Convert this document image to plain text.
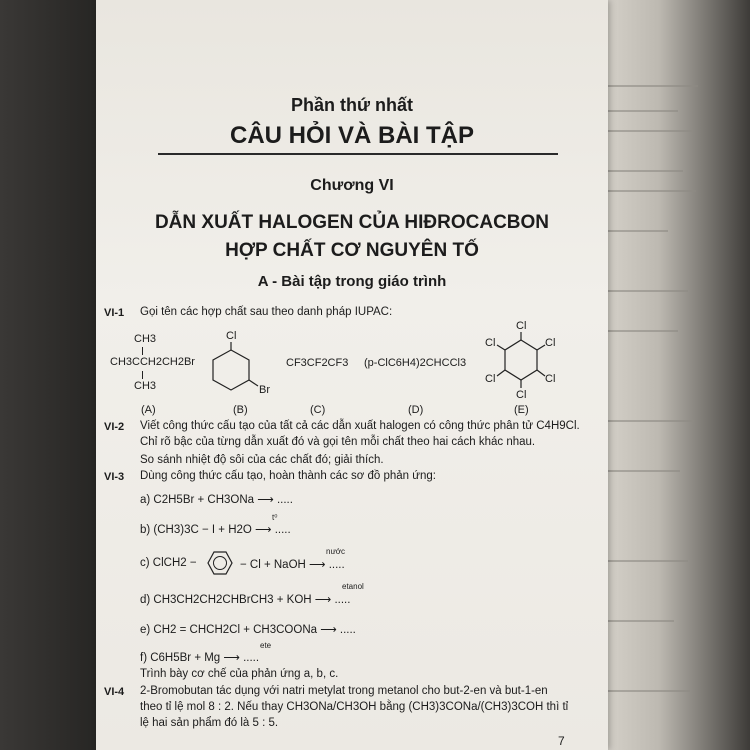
Phần thứ nhất
CÂU HỎI VÀ BÀI TẬP
Chương VI
DẪN XUẤT HALOGEN CỦA HIĐROCACBON
HỢP CHẤT CƠ NGUYÊN TỐ
A - Bài tập trong giáo trình
VI-1 Gọi tên các hợp chất sau theo danh pháp IUPAC:
CH3
CH3CCH2CH2Br
CH3
Cl
Br
CF3CF2CF3 (p-ClC6H4)2CHCCl3
Cl
Cl
Cl
Cl
Cl
Cl
(A)	(B)	(C)	(D)	(E)
VI-2 Viết công thức cấu tạo của tất cả các dẫn xuất halogen có công thức phân tử C4H9Cl.
Chỉ rõ bậc của từng dẫn xuất đó và gọi tên mỗi chất theo hai cách khác nhau.
So sánh nhiệt độ sôi của các chất đó; giải thích.
VI-3 Dùng công thức cấu tạo, hoàn thành các sơ đồ phản ứng:
a) C2H5Br + CH3ONa ⟶ .....
t⁰
b) (CH3)3C − I + H2O ⟶ .....
c) ClCH2 −
nước
− Cl + NaOH ⟶ .....
etanol
d) CH3CH2CH2CHBrCH3 + KOH ⟶ .....
e) CH2 = CHCH2Cl + CH3COONa ⟶ .....
ete
f) C6H5Br + Mg ⟶ .....
Trình bày cơ chế của phản ứng a, b, c.
VI-4 2-Bromobutan tác dụng với natri metylat trong metanol cho but-2-en và but-1-en
theo tỉ lệ mol 8 : 2. Nếu thay CH3ONa/CH3OH bằng (CH3)3CONa/(CH3)3COH thì tỉ
lệ hai sản phẩm đó là 5 : 5.
7
